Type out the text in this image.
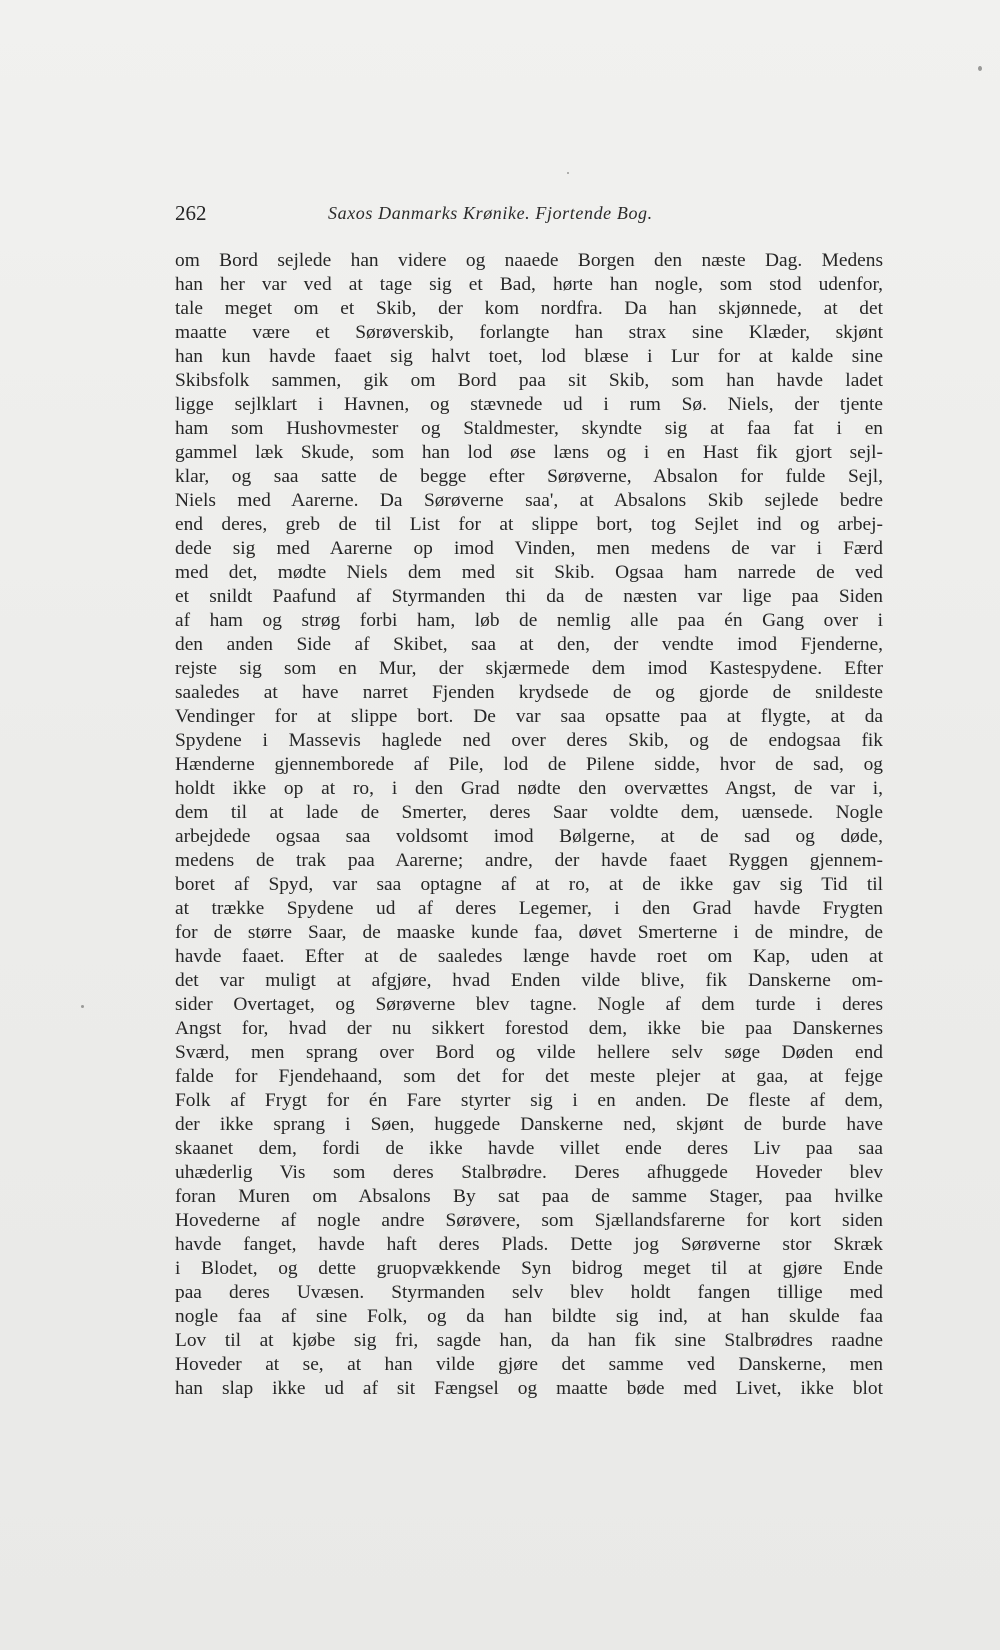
262	Saxos Danmarks Krønike. Fjortende Bog.
om Bord sejlede han videre og naaede Borgen den næste Dag. Medens
han her var ved at tage sig et Bad, hørte han nogle, som stod udenfor,
tale meget om et Skib, der kom nordfra. Da han skjønnede, at det
maatte være et Sørøverskib, forlangte han strax sine Klæder, skjønt
han kun havde faaet sig halvt toet, lod blæse i Lur for at kalde sine
Skibsfolk sammen, gik om Bord paa sit Skib, som han havde ladet
ligge sejlklart i Havnen, og stævnede ud i rum Sø. Niels, der tjente
ham som Hushovmester og Staldmester, skyndte sig at faa fat i en
gammel læk Skude, som han lod øse læns og i en Hast fik gjort sejl-
klar, og saa satte de begge efter Sørøverne, Absalon for fulde Sejl,
Niels med Aarerne. Da Sørøverne saa', at Absalons Skib sejlede bedre
end deres, greb de til List for at slippe bort, tog Sejlet ind og arbej-
dede sig med Aarerne op imod Vinden, men medens de var i Færd
med det, mødte Niels dem med sit Skib. Ogsaa ham narrede de ved
et snildt Paafund af Styrmanden thi da de næsten var lige paa Siden
af ham og strøg forbi ham, løb de nemlig alle paa én Gang over i
den anden Side af Skibet, saa at den, der vendte imod Fjenderne,
rejste sig som en Mur, der skjærmede dem imod Kastespydene. Efter
saaledes at have narret Fjenden krydsede de og gjorde de snildeste
Vendinger for at slippe bort. De var saa opsatte paa at flygte, at da
Spydene i Massevis haglede ned over deres Skib, og de endogsaa fik
Hænderne gjennemborede af Pile, lod de Pilene sidde, hvor de sad, og
holdt ikke op at ro, i den Grad nødte den overvættes Angst, de var i,
dem til at lade de Smerter, deres Saar voldte dem, uænsede. Nogle
arbejdede ogsaa saa voldsomt imod Bølgerne, at de sad og døde,
medens de trak paa Aarerne; andre, der havde faaet Ryggen gjennem-
boret af Spyd, var saa optagne af at ro, at de ikke gav sig Tid til
at trække Spydene ud af deres Legemer, i den Grad havde Frygten
for de større Saar, de maaske kunde faa, døvet Smerterne i de mindre, de
havde faaet. Efter at de saaledes længe havde roet om Kap, uden at
det var muligt at afgjøre, hvad Enden vilde blive, fik Danskerne om-
sider Overtaget, og Sørøverne blev tagne. Nogle af dem turde i deres
Angst for, hvad der nu sikkert forestod dem, ikke bie paa Danskernes
Sværd, men sprang over Bord og vilde hellere selv søge Døden end
falde for Fjendehaand, som det for det meste plejer at gaa, at fejge
Folk af Frygt for én Fare styrter sig i en anden. De fleste af dem,
der ikke sprang i Søen, huggede Danskerne ned, skjønt de burde have
skaanet dem, fordi de ikke havde villet ende deres Liv paa saa
uhæderlig Vis som deres Stalbrødre. Deres afhuggede Hoveder blev
foran Muren om Absalons By sat paa de samme Stager, paa hvilke
Hovederne af nogle andre Sørøvere, som Sjællandsfarerne for kort siden
havde fanget, havde haft deres Plads. Dette jog Sørøverne stor Skræk
i Blodet, og dette gruopvækkende Syn bidrog meget til at gjøre Ende
paa deres Uvæsen. Styrmanden selv blev holdt fangen tillige med
nogle faa af sine Folk, og da han bildte sig ind, at han skulde faa
Lov til at kjøbe sig fri, sagde han, da han fik sine Stalbrødres raadne
Hoveder at se, at han vilde gjøre det samme ved Danskerne, men
han slap ikke ud af sit Fængsel og maatte bøde med Livet, ikke blot
